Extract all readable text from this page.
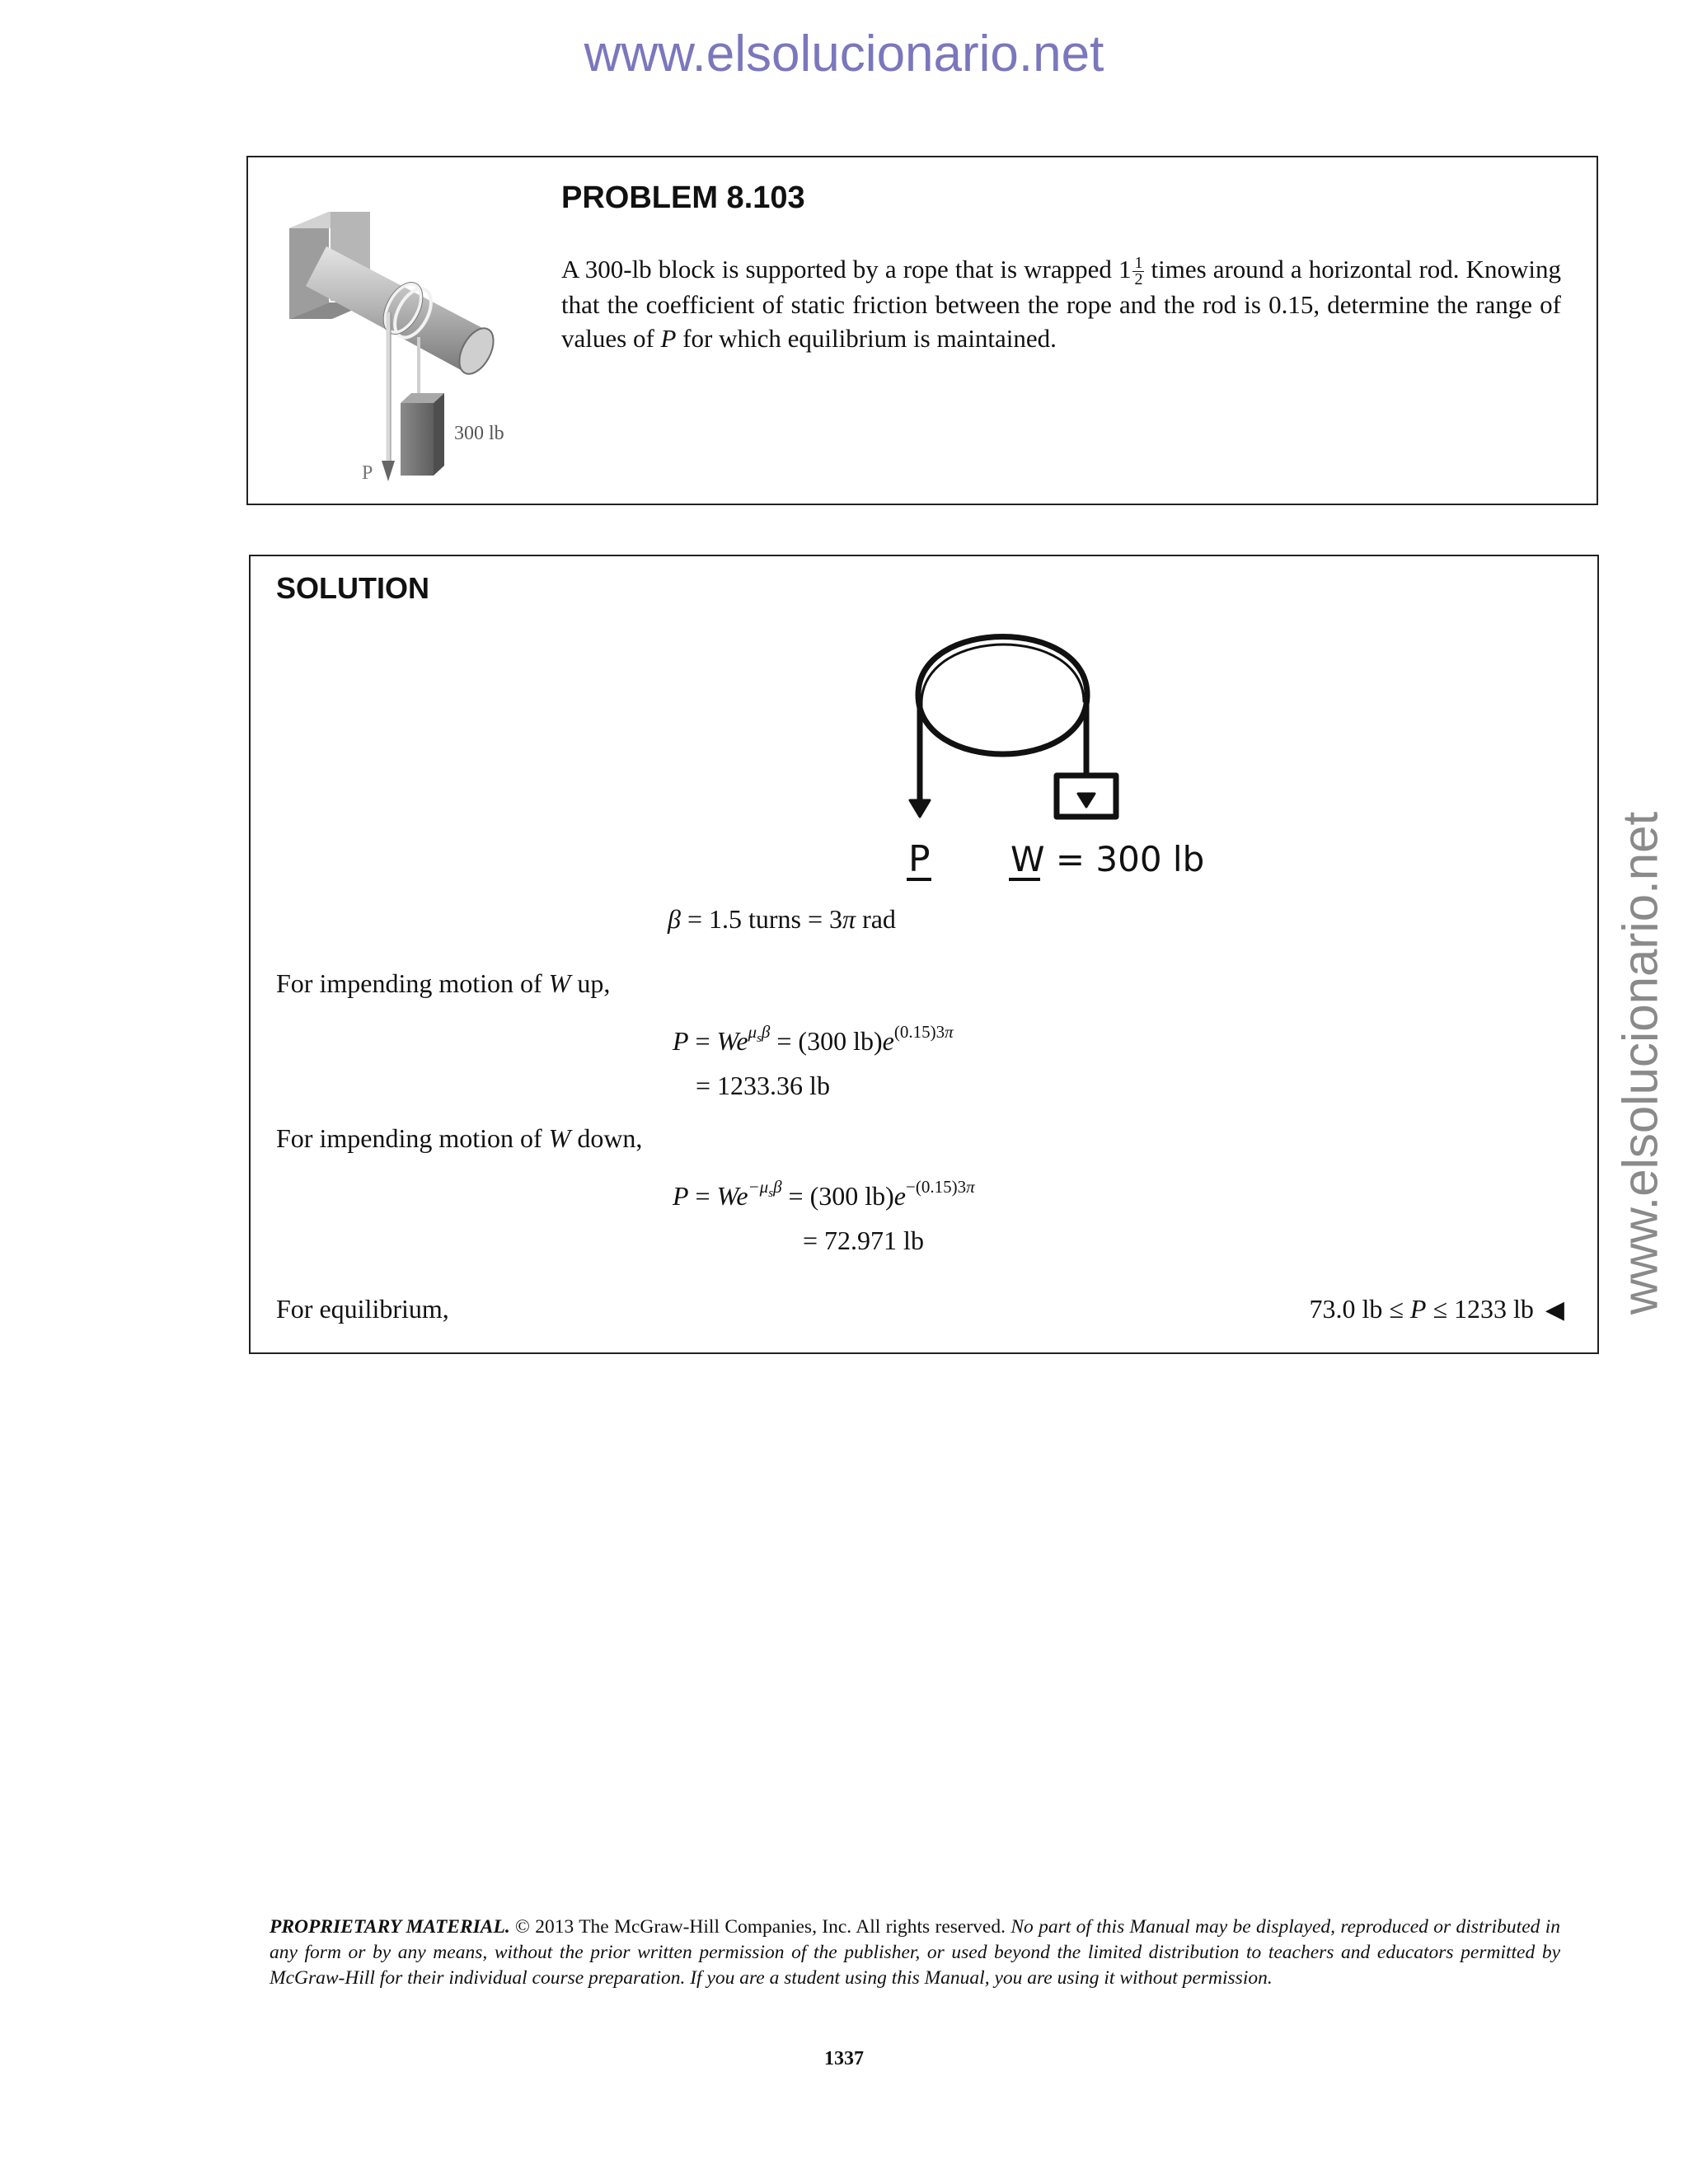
www.elsolucionario.net
www.elsolucionario.net
300 lb
P
PROBLEM 8.103
A 300-lb block is supported by a rope that is wrapped $1 \frac{1}{2}$ times around a horizontal rod. Knowing that the coefficient of static friction between the rope and the rod is 0.15, determine the range of values of P for which equilibrium is maintained.
SOLUTION
P W = 300 lb
β = 1.5 turns = 3π rad
For impending motion of W up,
$P = We^{\mu_s\beta} = (300$ $lb)e^{(0.15)3\pi}$
= 1233.36 lb
For impending motion of W down,
$P = We^{-\mu_s\beta} = (300$ $lb)e^{-(0.15)3\pi}$
= 72.971 lb
For equilibrium,	73.0 lb ≤ P ≤ 1233 lb ◀
PROPRIETARY MATERIAL. © 2013 The McGraw-Hill Companies, Inc. All rights reserved. No part of this Manual may be displayed, reproduced or distributed in any form or by any means, without the prior written permission of the publisher, or used beyond the limited distribution to teachers and educators permitted by McGraw-Hill for their individual course preparation. If you are a student using this Manual, you are using it without permission.
1337
